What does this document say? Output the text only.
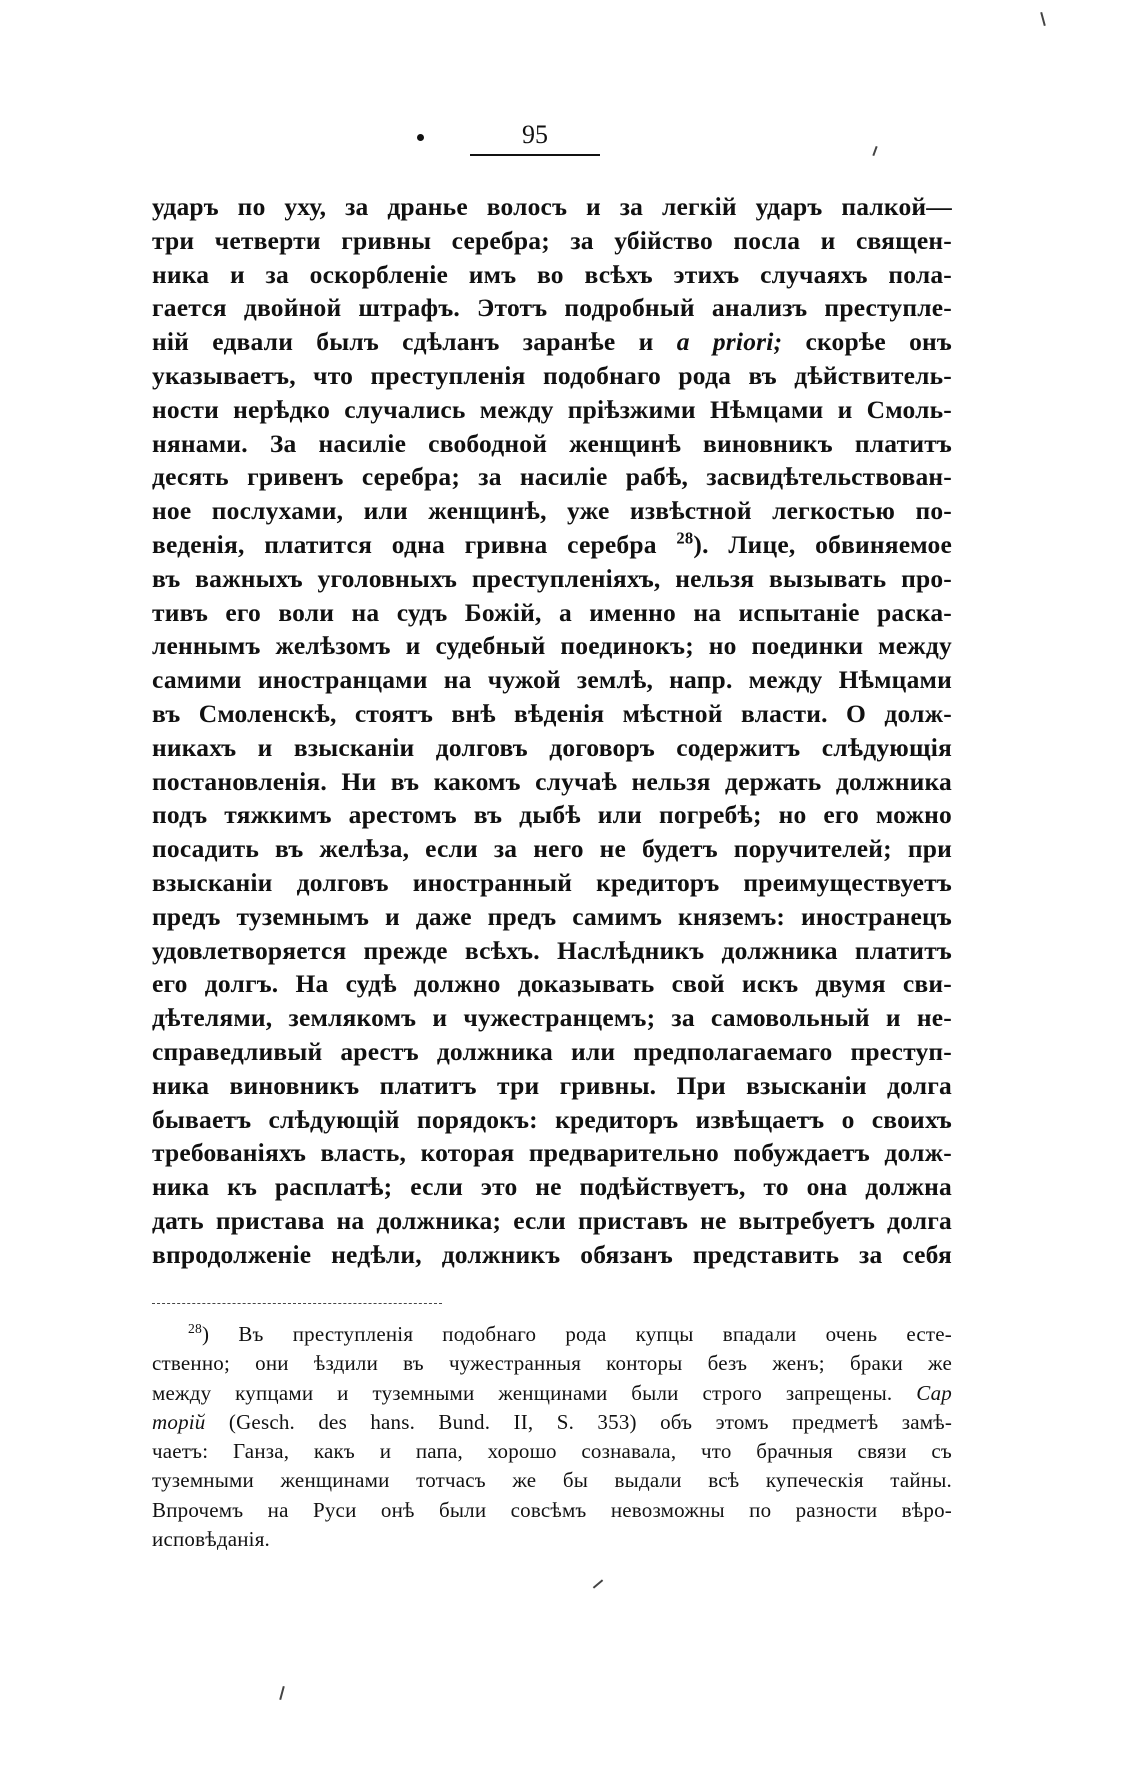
95
ударъ по уху, за дранье волосъ и за легкій ударъ палкой—
три четверти гривны серебра; за убійство посла и священ-
ника и за оскорбленіе имъ во всѣхъ этихъ случаяхъ пола-
гается двойной штрафъ. Этотъ подробный анализъ преступле-
ній едвали былъ сдѣланъ заранѣе и a priori; скорѣе онъ
указываетъ, что преступленія подобнаго рода въ дѣйствитель-
ности нерѣдко случались между пріѣзжими Нѣмцами и Смоль-
нянами. За насиліе свободной женщинѣ виновникъ платитъ
десять гривенъ серебра; за насиліе рабѣ, засвидѣтельствован-
ное послухами, или женщинѣ, уже извѣстной легкостью по-
веденія, платится одна гривна серебра $^{28}$). Лице, обвиняемое
въ важныхъ уголовныхъ преступленіяхъ, нельзя вызывать про-
тивъ его воли на судъ Божій, а именно на испытаніе раска-
леннымъ желѣзомъ и судебный поединокъ; но поединки между
самими иностранцами на чужой землѣ, напр. между Нѣмцами
въ Смоленскѣ, стоятъ внѣ вѣденія мѣстной власти. О долж-
никахъ и взысканіи долговъ договоръ содержитъ слѣдующія
постановленія. Ни въ какомъ случаѣ нельзя держать должника
подъ тяжкимъ арестомъ въ дыбѣ или погребѣ; но его можно
посадить въ желѣза, если за него не будетъ поручителей; при
взысканіи долговъ иностранный кредиторъ преимуществуетъ
предъ туземнымъ и даже предъ самимъ княземъ: иностранецъ
удовлетворяется прежде всѣхъ. Наслѣдникъ должника платитъ
его долгъ. На судѣ должно доказывать свой искъ двумя сви-
дѣтелями, землякомъ и чужестранцемъ; за самовольный и не-
справедливый арестъ должника или предполагаемаго преступ-
ника виновникъ платитъ три гривны. При взысканіи долга
бываетъ слѣдующій порядокъ: кредиторъ извѣщаетъ о своихъ
требованіяхъ власть, которая предварительно побуждаетъ долж-
ника къ расплатѣ; если это не подѣйствуетъ, то она должна
дать пристава на должника; если приставъ не вытребуетъ долга
впродолженіе недѣли, должникъ обязанъ представить за себя
$^{28}$) Въ преступленія подобнаго рода купцы впадали очень есте-
ственно; они ѣздили въ чужестранныя конторы безъ женъ; браки же
между купцами и туземными женщинами были строго запрещены. Сар
торій (Gesch. des hans. Bund. II, S. 353) объ этомъ предметѣ замѣ-
чаетъ: Ганза, какъ и папа, хорошо сознавала, что брачныя связи съ
туземными женщинами тотчасъ же бы выдали всѣ купеческія тайны.
Впрочемъ на Руси онѣ были совсѣмъ невозможны по разности вѣро-
исповѣданія.
